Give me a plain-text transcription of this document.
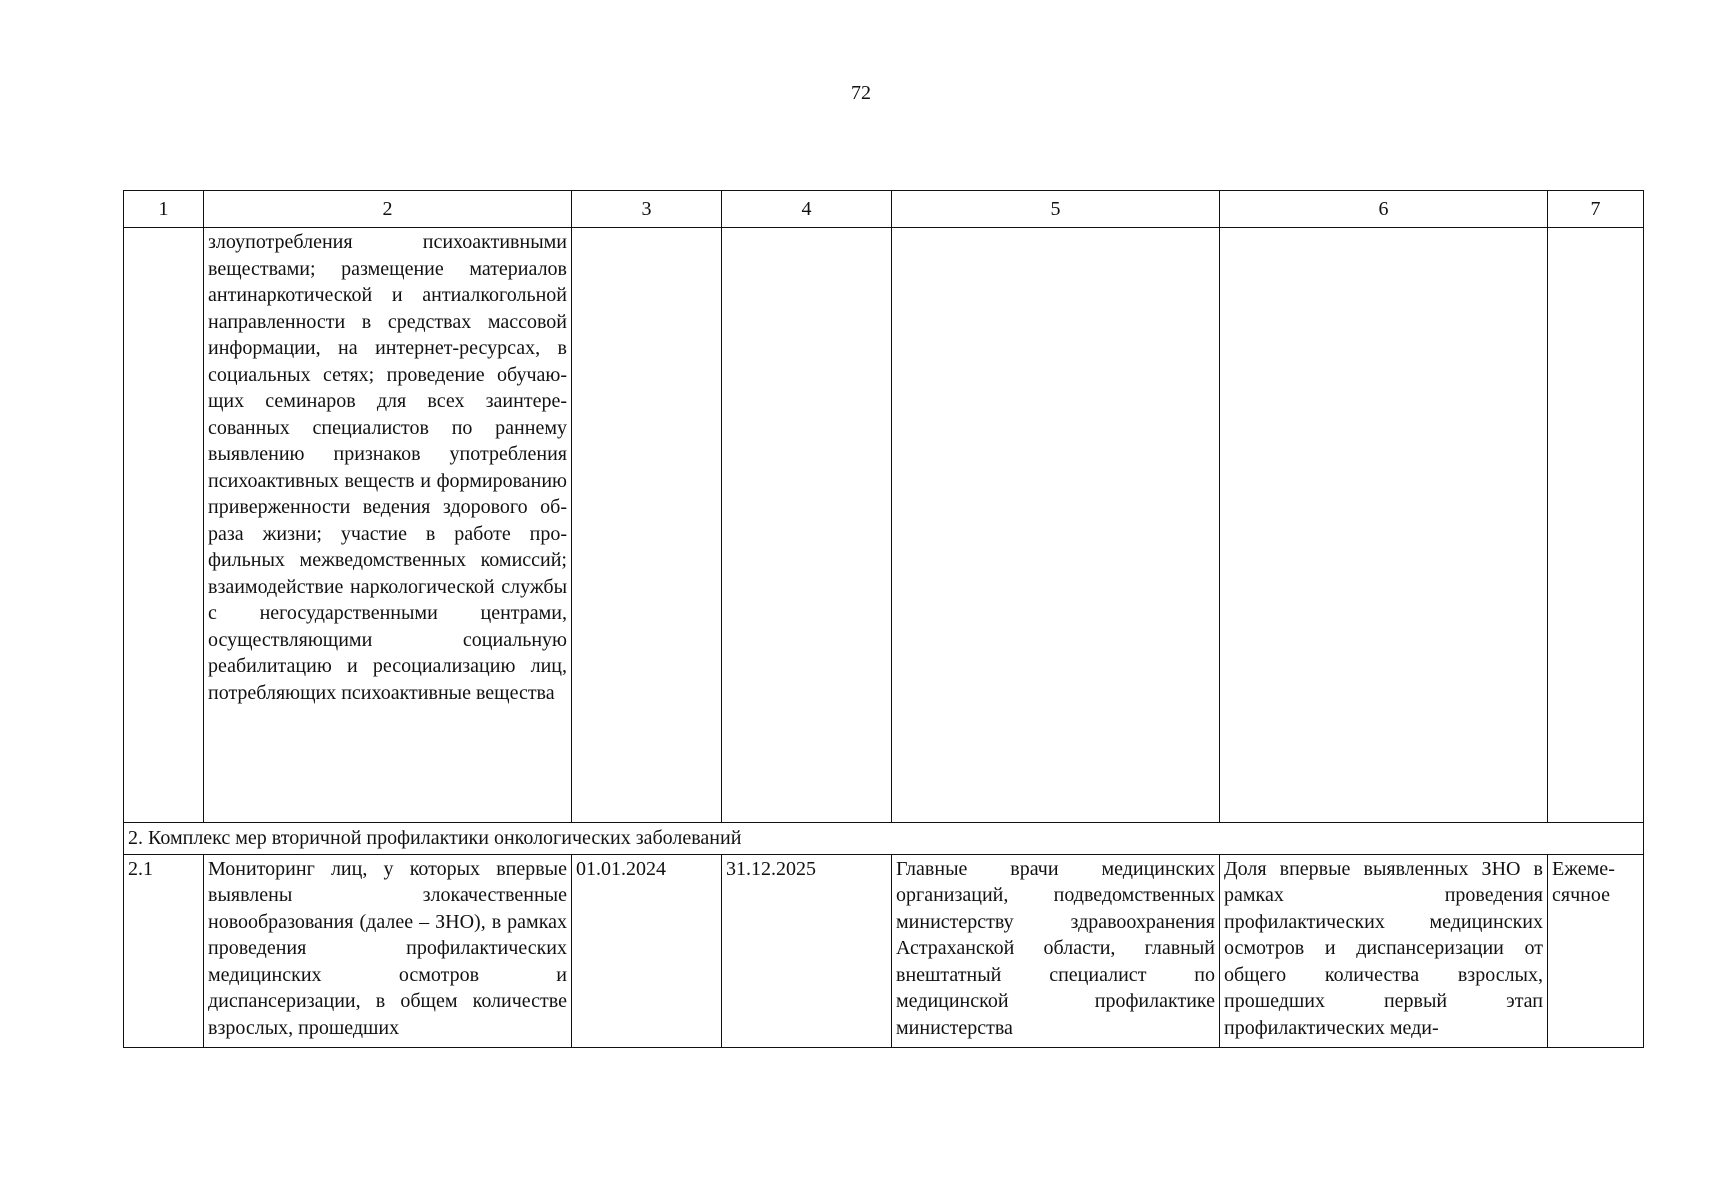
72
1	2	3	4	5	6	7
	злоупотребления психоактивными веществами; размещение материалов антинаркотической и антиалкогольной направленности в средствах массовой информации, на интернет-ресурсах, в социальных сетях; проведение обучающих семинаров для всех заинтересованных специалистов по раннему выявлению признаков употребления психоактивных веществ и формированию приверженности ведения здорового образа жизни; участие в работе профильных межведомственных комиссий; взаимодействие наркологической службы с негосударственными центрами, осуществляющими социальную реабилитацию и ресоциализацию лиц, потребляющих психоактивные вещества					
2. Комплекс мер вторичной профилактики онкологических заболеваний						
2.1	Мониторинг лиц, у которых впервые выявлены злокачественные новообразования (далее – ЗНО), в рамках проведения профилактических медицинских осмотров и диспансеризации, в общем количестве взрослых, прошедших	01.01.2024	31.12.2025	Главные врачи медицинских организаций, подведомственных министерству здравоохранения Астраханской области, главный внештатный специалист по медицинской профилактике министерства	Доля впервые выявленных ЗНО в рамках проведения профилактических медицинских осмотров и диспансеризации от общего количества взрослых, прошедших первый этап профилактических меди-	Ежемесячное
